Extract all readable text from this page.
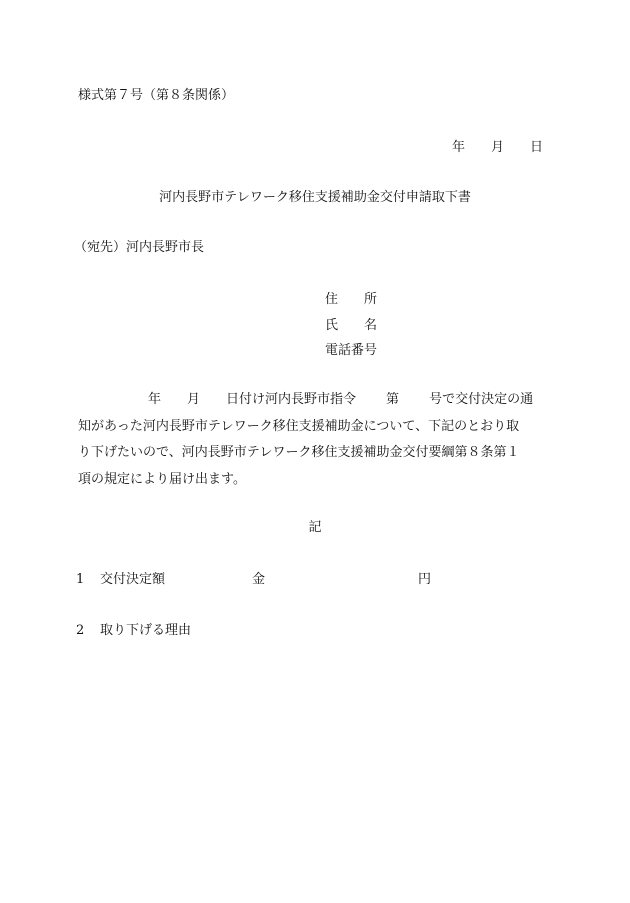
様式第７号（第８条関係）
年 月 日
河内長野市テレワーク移住支援補助金交付申請取下書
（宛先）河内長野市長
住 所
氏 名
電話番号
年 月 日付け河内長野市指令 第 号で交付決定の通
知があった河内長野市テレワーク移住支援補助金について、下記のとおり取
り下げたいので、河内長野市テレワーク移住支援補助金交付要綱第８条第１
項の規定により届け出ます。
記
1 交付決定額	金	円
2 取り下げる理由
